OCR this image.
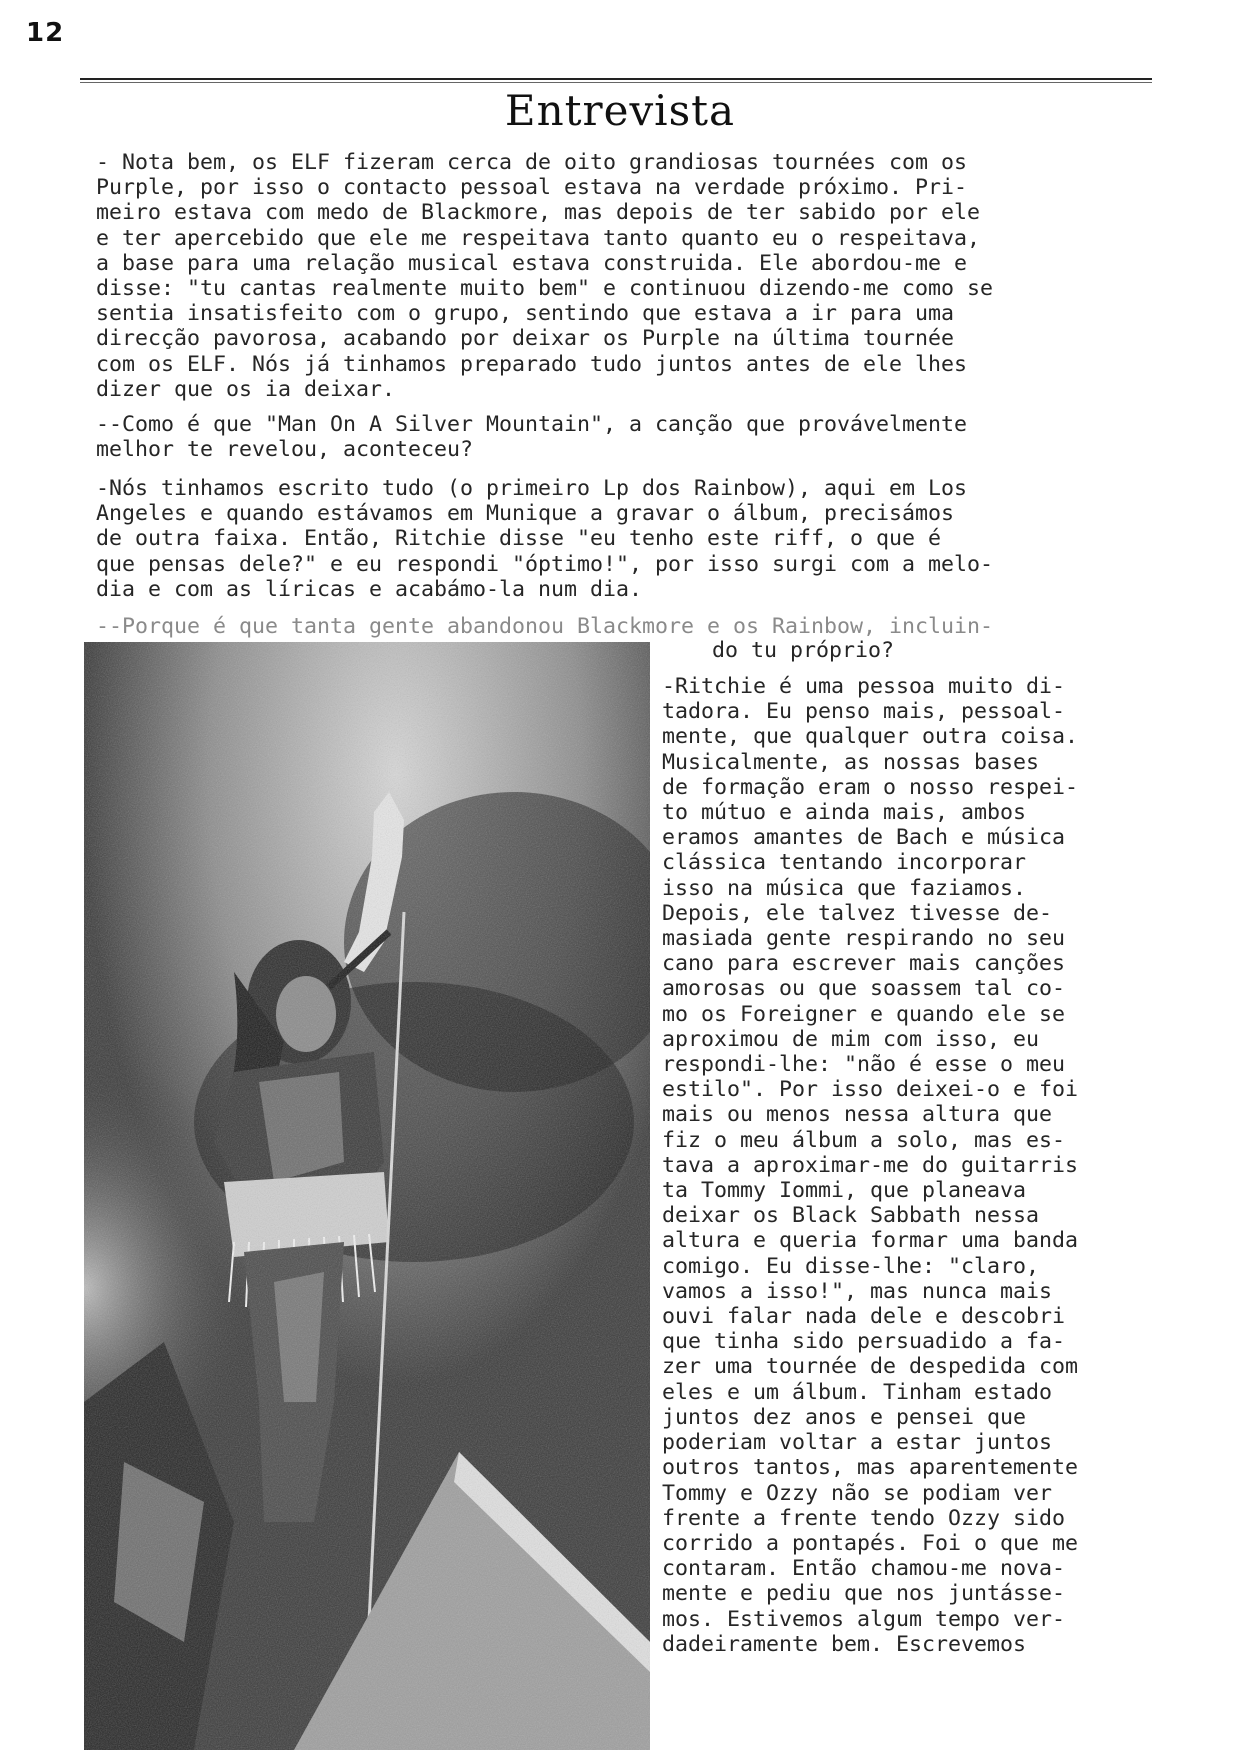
12
Entrevista
- Nota bem, os ELF fizeram cerca de oito grandiosas tournées com os
Purple, por isso o contacto pessoal estava na verdade próximo. Pri-
meiro estava com medo de Blackmore, mas depois de ter sabido por ele
e ter apercebido que ele me respeitava tanto quanto eu o respeitava,
a base para uma relação musical estava construida. Ele abordou-me e
disse: "tu cantas realmente muito bem" e continuou dizendo-me como se
sentia insatisfeito com o grupo, sentindo que estava a ir para uma
direcção pavorosa, acabando por deixar os Purple na última tournée
com os ELF. Nós já tinhamos preparado tudo juntos antes de ele lhes
dizer que os ia deixar.
--Como é que "Man On A Silver Mountain", a canção que provávelmente
melhor te revelou, aconteceu?
-Nós tinhamos escrito tudo (o primeiro Lp dos Rainbow), aqui em Los
Angeles e quando estávamos em Munique a gravar o álbum, precisámos
de outra faixa. Então, Ritchie disse "eu tenho este riff, o que é
que pensas dele?" e eu respondi "óptimo!", por isso surgi com a melo-
dia e com as líricas e acabámo-la num dia.
--Porque é que tanta gente abandonou Blackmore e os Rainbow, incluin-
do tu próprio?
-Ritchie é uma pessoa muito di-
tadora. Eu penso mais, pessoal-
mente, que qualquer outra coisa.
Musicalmente, as nossas bases
de formação eram o nosso respei-
to mútuo e ainda mais, ambos
eramos amantes de Bach e música
clássica tentando incorporar
isso na música que faziamos.
Depois, ele talvez tivesse de-
masiada gente respirando no seu
cano para escrever mais canções
amorosas ou que soassem tal co-
mo os Foreigner e quando ele se
aproximou de mim com isso, eu
respondi-lhe: "não é esse o meu
estilo". Por isso deixei-o e foi
mais ou menos nessa altura que
fiz o meu álbum a solo, mas es-
tava a aproximar-me do guitarris
ta Tommy Iommi, que planeava
deixar os Black Sabbath nessa
altura e queria formar uma banda
comigo. Eu disse-lhe: "claro,
vamos a isso!", mas nunca mais
ouvi falar nada dele e descobri
que tinha sido persuadido a fa-
zer uma tournée de despedida com
eles e um álbum. Tinham estado
juntos dez anos e pensei que
poderiam voltar a estar juntos
outros tantos, mas aparentemente
Tommy e Ozzy não se podiam ver
frente a frente tendo Ozzy sido
corrido a pontapés. Foi o que me
contaram. Então chamou-me nova-
mente e pediu que nos juntásse-
mos. Estivemos algum tempo ver-
dadeiramente bem. Escrevemos
